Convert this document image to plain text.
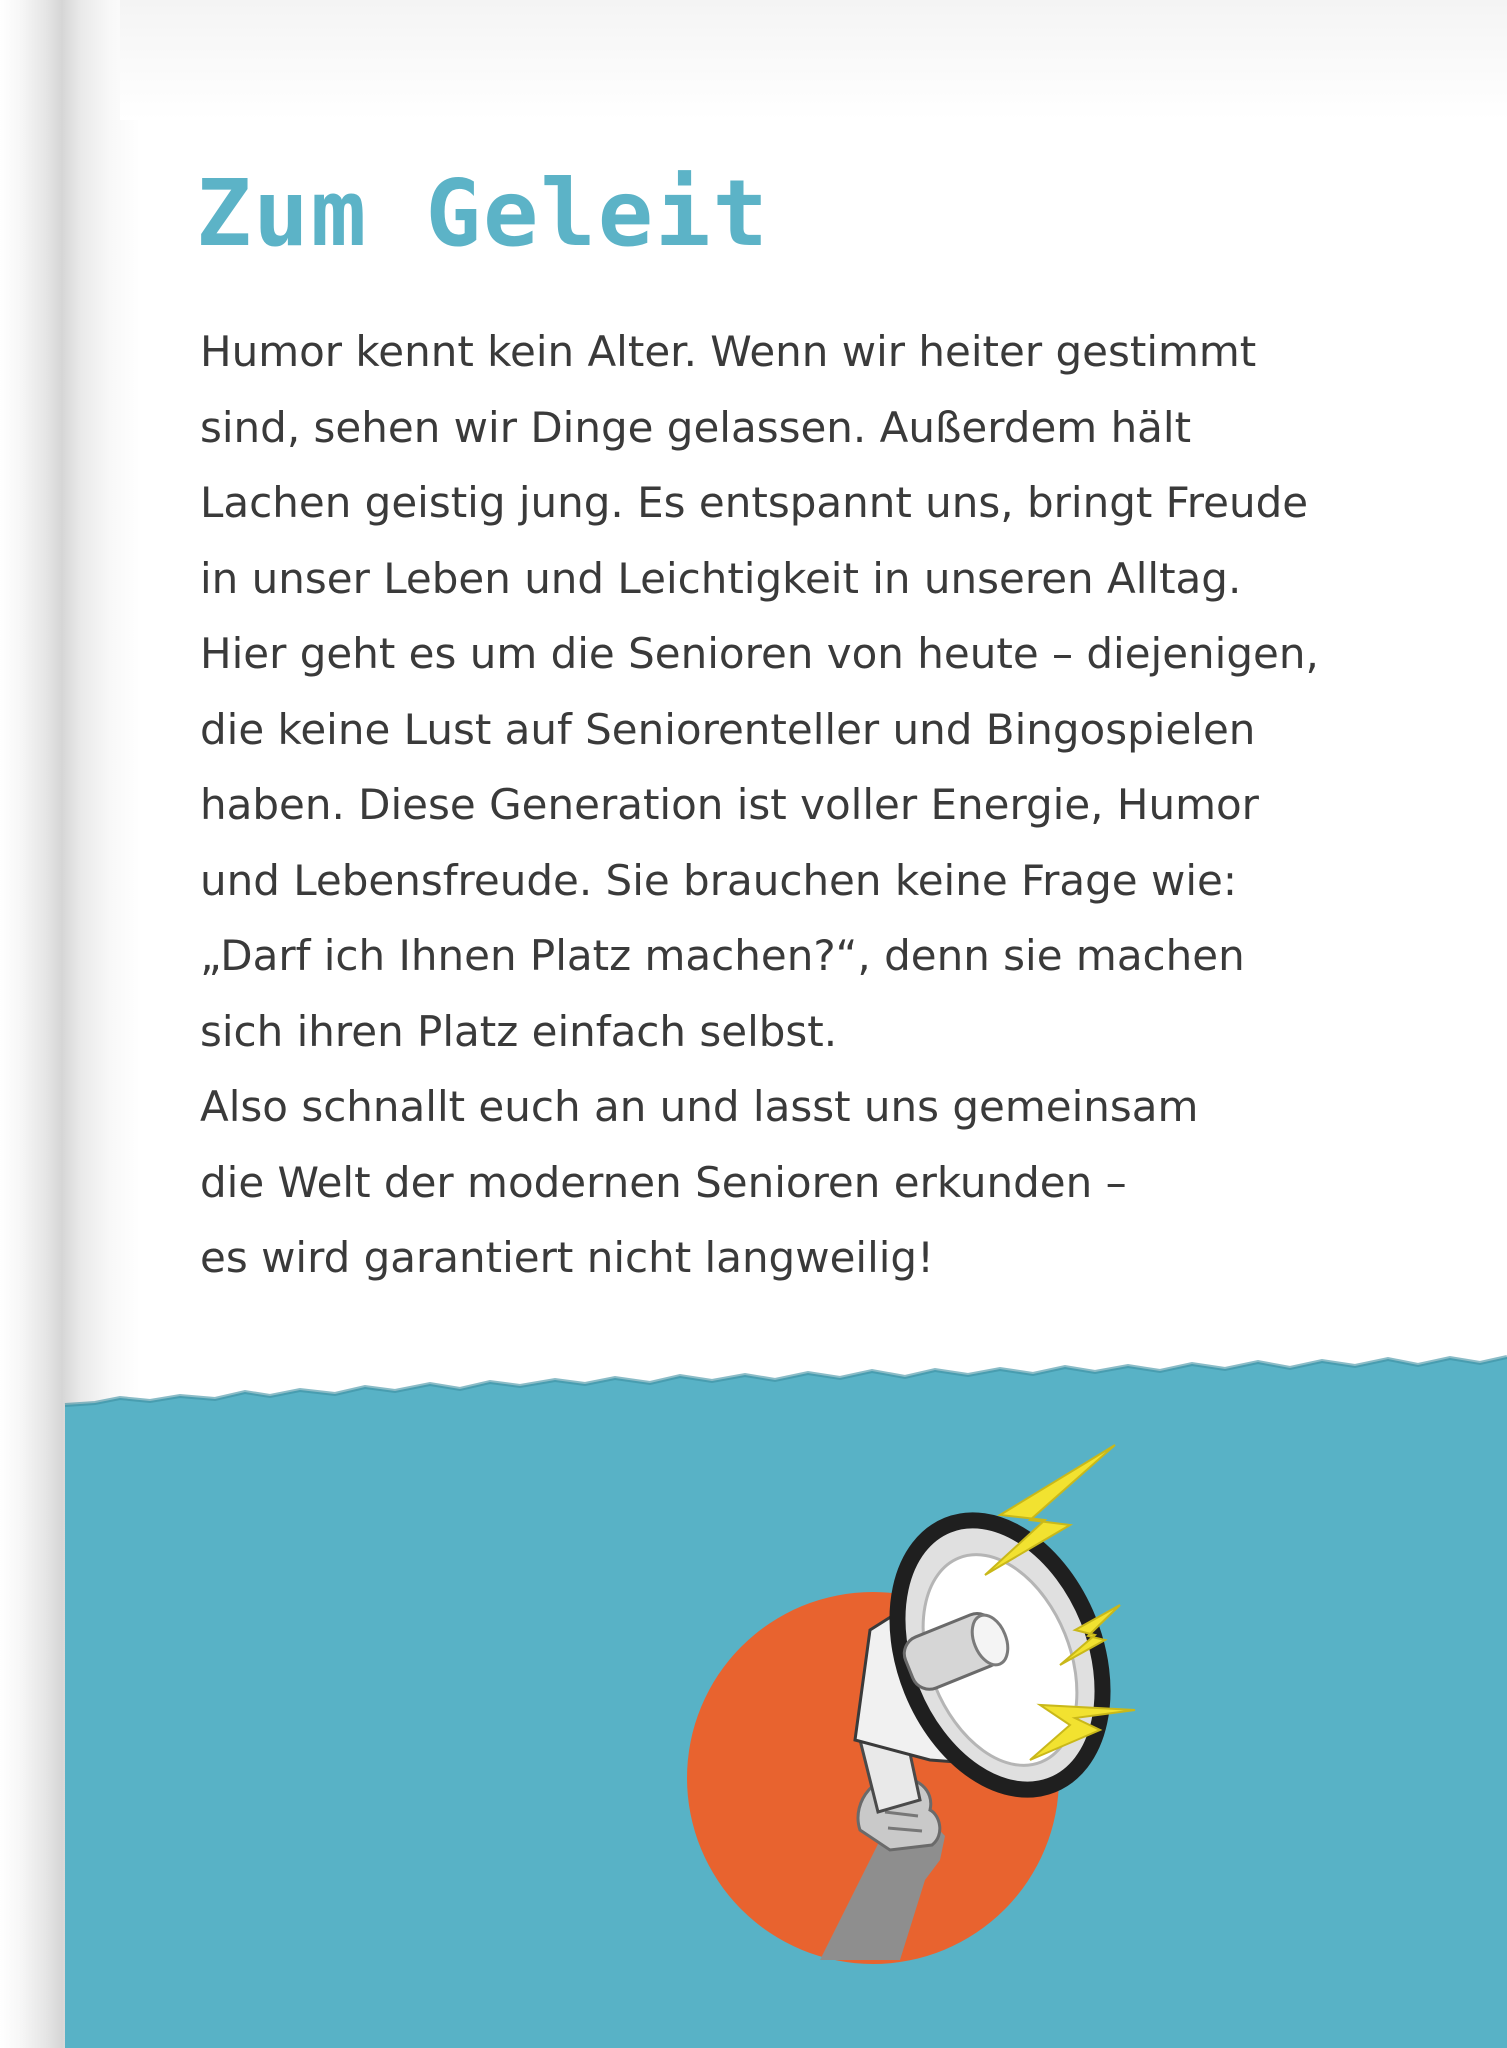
Zum Geleit

Humor kennt kein Alter. Wenn wir heiter gestimmt
sind, sehen wir Dinge gelassen. Außerdem hält
Lachen geistig jung. Es entspannt uns, bringt Freude
in unser Leben und Leichtigkeit in unseren Alltag.
Hier geht es um die Senioren von heute – diejenigen,
die keine Lust auf Seniorenteller und Bingospielen
haben. Diese Generation ist voller Energie, Humor
und Lebensfreude. Sie brauchen keine Frage wie:
„Darf ich Ihnen Platz machen?“, denn sie machen
sich ihren Platz einfach selbst.
Also schnallt euch an und lasst uns gemeinsam
die Welt der modernen Senioren erkunden –
es wird garantiert nicht langweilig!
